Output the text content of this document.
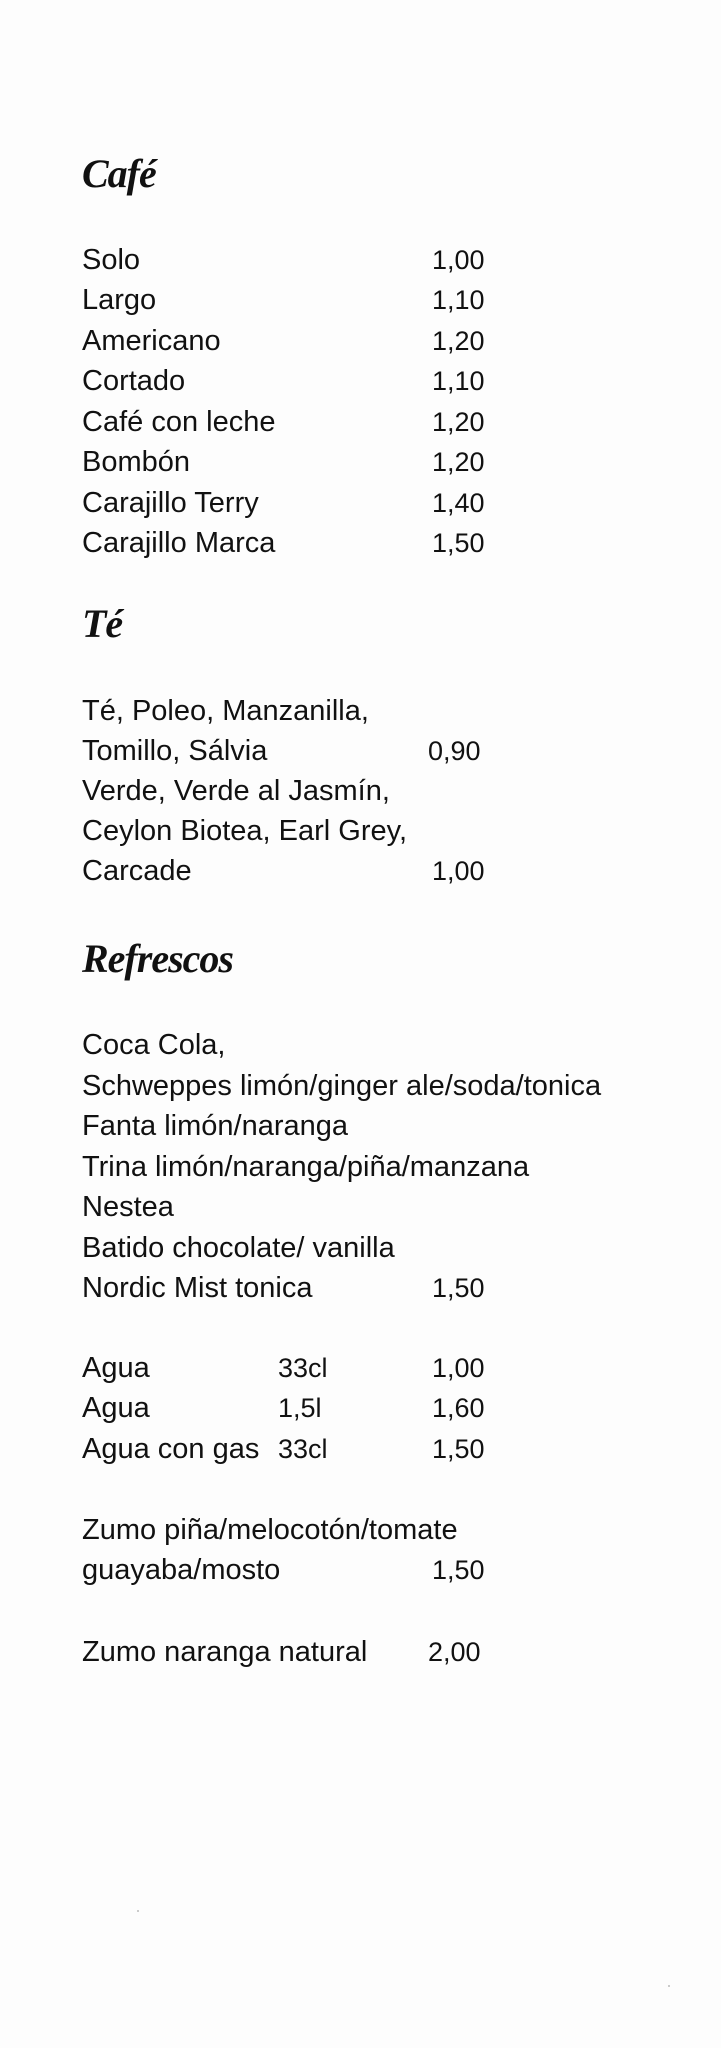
Café
Solo	1,00
Largo	1,10
Americano	1,20
Cortado	1,10
Café con leche	1,20
Bombón	1,20
Carajillo Terry	1,40
Carajillo Marca	1,50
Té
Té, Poleo, Manzanilla,
Tomillo, Sálvia	0,90
Verde, Verde al Jasmín,
Ceylon Biotea, Earl Grey,
Carcade	1,00
Refrescos
Coca Cola,
Schweppes limón/ginger ale/soda/tonica
Fanta limón/naranga
Trina limón/naranga/piña/manzana
Nestea
Batido chocolate/ vanilla
Nordic Mist tonica	1,50
Agua	33cl	1,00
Agua	1,5l	1,60
Agua con gas 33cl	1,50
Zumo piña/melocotón/tomate
guayaba/mosto	1,50
Zumo naranga natural 2,00
